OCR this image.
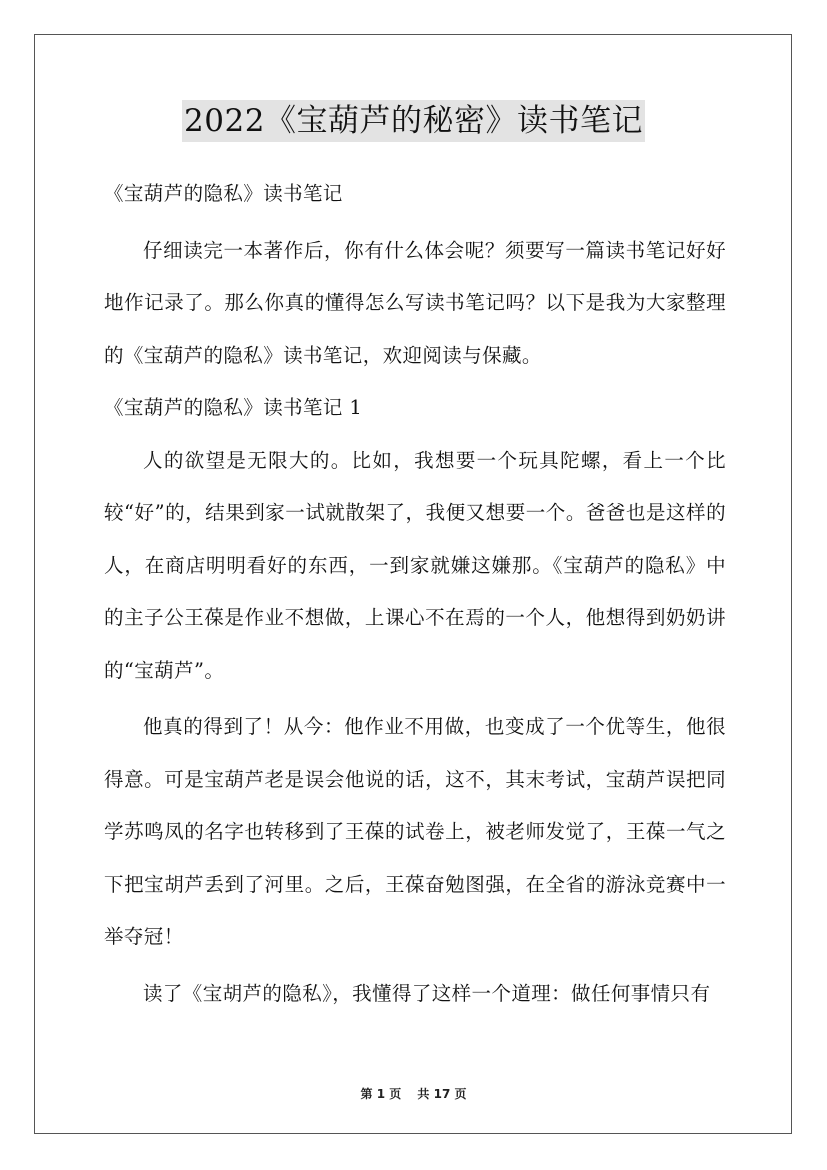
2022《宝葫芦的秘密》读书笔记

《宝葫芦的隐私》读书笔记

仔细读完一本著作后，你有什么体会呢？须要写一篇读书笔记好好地作记录了。那么你真的懂得怎么写读书笔记吗？以下是我为大家整理的《宝葫芦的隐私》读书笔记，欢迎阅读与保藏。

《宝葫芦的隐私》读书笔记 1

人的欲望是无限大的。比如，我想要一个玩具陀螺，看上一个比较“好”的，结果到家一试就散架了，我便又想要一个。爸爸也是这样的人，在商店明明看好的东西，一到家就嫌这嫌那。《宝葫芦的隐私》中的主子公王葆是作业不想做，上课心不在焉的一个人，他想得到奶奶讲的“宝葫芦”。

他真的得到了！从今：他作业不用做，也变成了一个优等生，他很得意。可是宝葫芦老是误会他说的话，这不，其末考试，宝葫芦误把同学苏鸣凤的名字也转移到了王葆的试卷上，被老师发觉了，王葆一气之下把宝胡芦丢到了河里。之后，王葆奋勉图强，在全省的游泳竞赛中一举夺冠！

读了《宝胡芦的隐私》，我懂得了这样一个道理：做任何事情只有

第 1 页 共 17 页
